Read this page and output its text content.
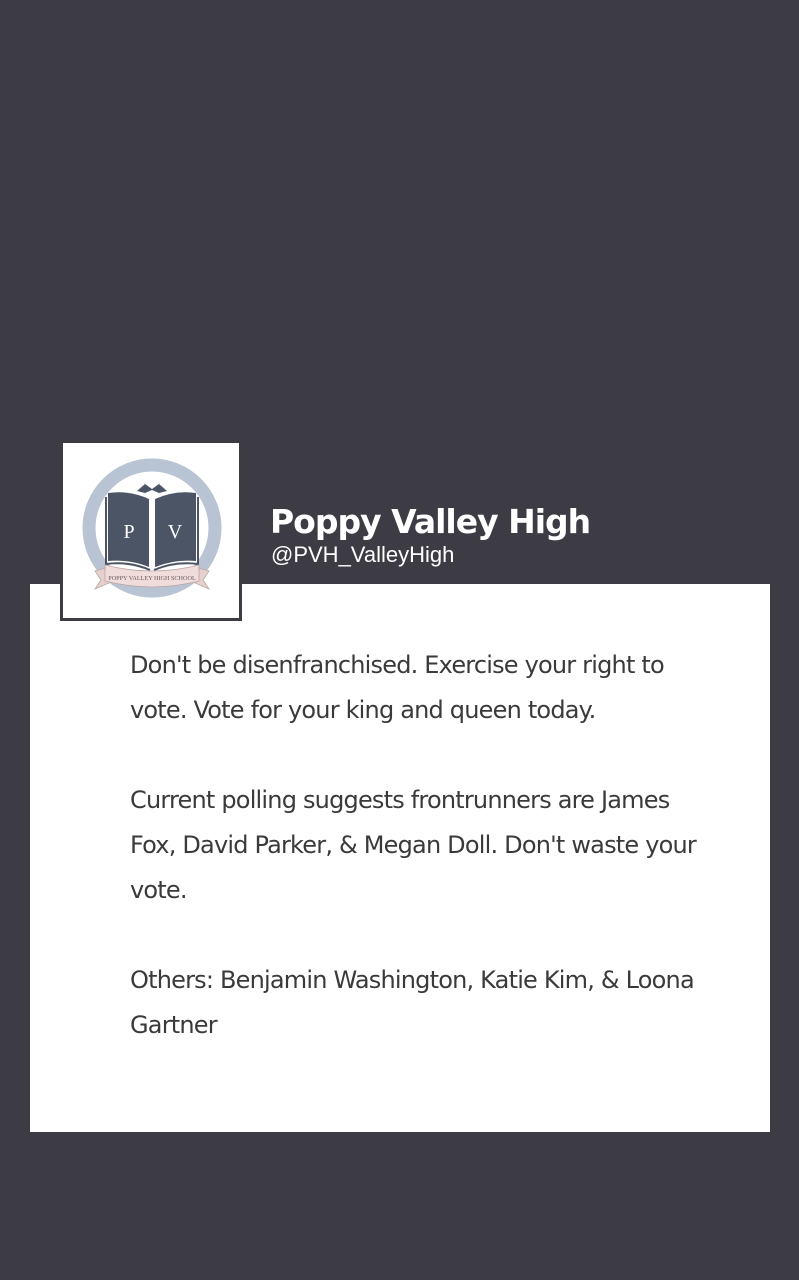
P V
POPPY VALLEY HIGH SCHOOL
Poppy Valley High
@PVH_ValleyHigh

Don't be disenfranchised. Exercise your right to vote. Vote for your king and queen today.

Current polling suggests frontrunners are James Fox, David Parker, & Megan Doll. Don't waste your vote.

Others: Benjamin Washington, Katie Kim, & Loona Gartner
